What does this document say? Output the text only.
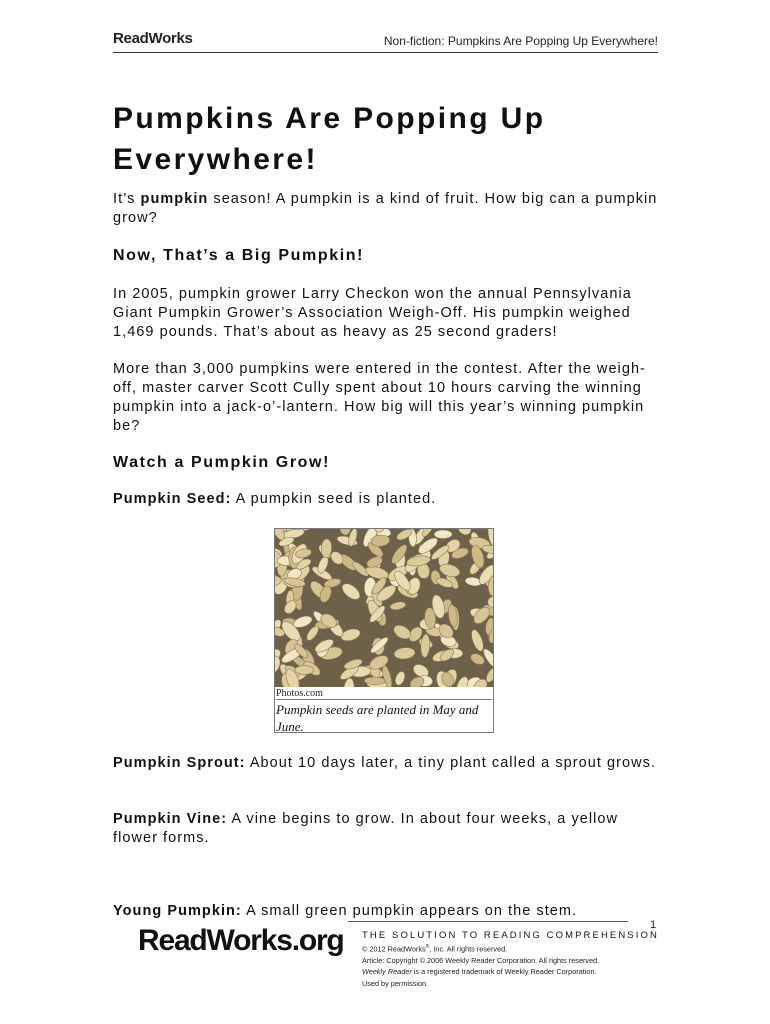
ReadWorks	Non-fiction: Pumpkins Are Popping Up Everywhere!
Pumpkins Are Popping Up Everywhere!

It’s pumpkin season! A pumpkin is a kind of fruit. How big can a pumpkin grow?

Now, That’s a Big Pumpkin!

In 2005, pumpkin grower Larry Checkon won the annual Pennsylvania Giant Pumpkin Grower’s Association Weigh-Off. His pumpkin weighed 1,469 pounds. That’s about as heavy as 25 second graders!

More than 3,000 pumpkins were entered in the contest. After the weigh-off, master carver Scott Cully spent about 10 hours carving the winning pumpkin into a jack-o’-lantern. How big will this year’s winning pumpkin be?

Watch a Pumpkin Grow!

Pumpkin Seed: A pumpkin seed is planted.

Photos.com
Pumpkin seeds are planted in May and June.

Pumpkin Sprout: About 10 days later, a tiny plant called a sprout grows.

Pumpkin Vine: A vine begins to grow. In about four weeks, a yellow flower forms.

Young Pumpkin: A small green pumpkin appears on the stem.

1
ReadWorks.org THE SOLUTION TO READING COMPREHENSION
© 2012 ReadWorks®, Inc. All rights reserved.
Article: Copyright © 2006 Weekly Reader Corporation. All rights reserved.
Weekly Reader is a registered trademark of Weekly Reader Corporation.
Used by permission.
